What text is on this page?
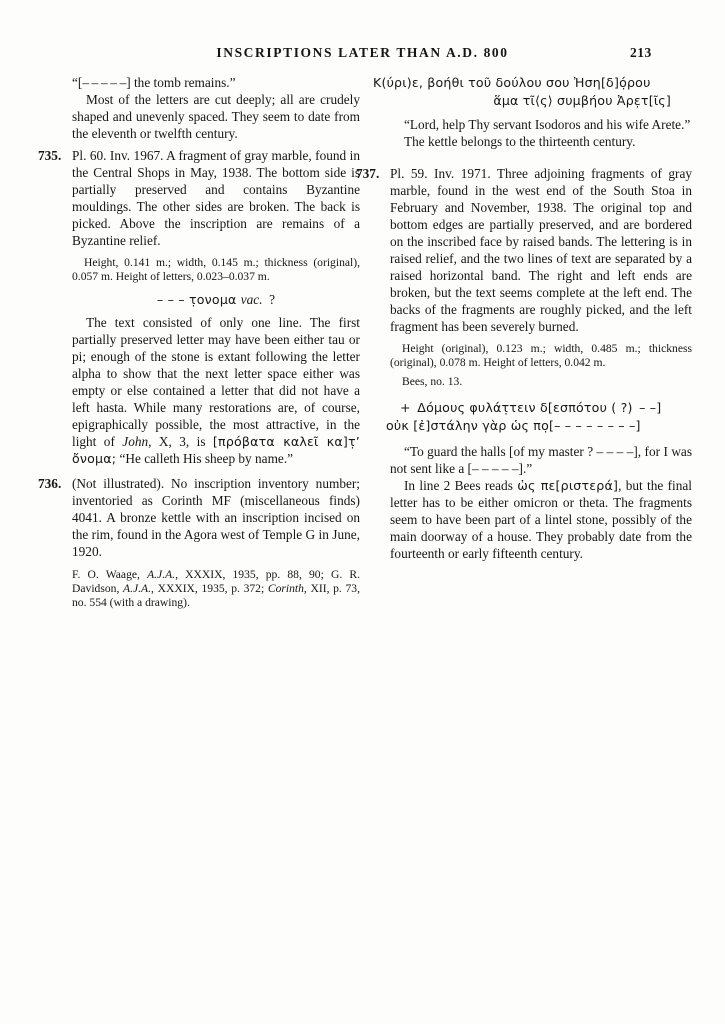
INSCRIPTIONS LATER THAN A.D. 800	213

“[– – – – –] the tomb remains.”

Most of the letters are cut deeply; all are crudely shaped and unevenly spaced. They seem to date from the eleventh or twelfth century.

735. Pl. 60. Inv. 1967. A fragment of gray marble, found in the Central Shops in May, 1938. The bottom side is partially preserved and contains Byzantine mouldings. The other sides are broken. The back is picked. Above the inscription are remains of a Byzantine relief.

Height, 0.141 m.; width, 0.145 m.; thickness (original), 0.057 m. Height of letters, 0.023–0.037 m.

– – – τ̣ονομα vac. ?

The text consisted of only one line. The first partially preserved letter may have been either tau or pi; enough of the stone is extant following the letter alpha to show that the next letter space either was empty or else contained a letter that did not have a left hasta. While many restorations are, of course, epigraphically possible, the most attractive, in the light of John, X, 3, is [πρόβατα καλεῖ κα]τ̣’ ὄνομα; “He calleth His sheep by name.”

736. (Not illustrated). No inscription inventory number; inventoried as Corinth MF (miscellaneous finds) 4041. A bronze kettle with an inscription incised on the rim, found in the Agora west of Temple G in June, 1920.

F. O. Waage, A.J.A., XXXIX, 1935, pp. 88, 90; G. R. Davidson, A.J.A., XXXIX, 1935, p. 372; Corinth, XII, p. 73, no. 554 (with a drawing).

Κ(ύρι)ε, βοήθι τοῦ δούλου σου Ἠση[δ]ό̣ρου

ἅμα τῖ⟨ς⟩ συμβήου Ἀρε̣τ[ῖς]

“Lord, help Thy servant Isodoros and his wife Arete.”

The kettle belongs to the thirteenth century.

737. Pl. 59. Inv. 1971. Three adjoining fragments of gray marble, found in the west end of the South Stoa in February and November, 1938. The original top and bottom edges are partially preserved, and are bordered on the inscribed face by raised bands. The lettering is in raised relief, and the two lines of text are separated by a raised horizontal band. The right and left ends are broken, but the text seems complete at the left end. The backs of the fragments are roughly picked, and the left fragment has been severely burned.

Height (original), 0.123 m.; width, 0.485 m.; thickness (original), 0.078 m. Height of letters, 0.042 m.

Bees, no. 13.

+ Δόμους φυλάτ̣τειν δ[εσπότου ( ?) – –]

οὐκ [ἐ]στάλην γὰρ ὡς πο̣[– – – – – – – –]

“To guard the halls [of my master ? – – – –], for I was not sent like a [– – – – –].”

In line 2 Bees reads ὡς πε[ριστερά], but the final letter has to be either omicron or theta. The fragments seem to have been part of a lintel stone, possibly of the main doorway of a house. They probably date from the fourteenth or early fifteenth century.
